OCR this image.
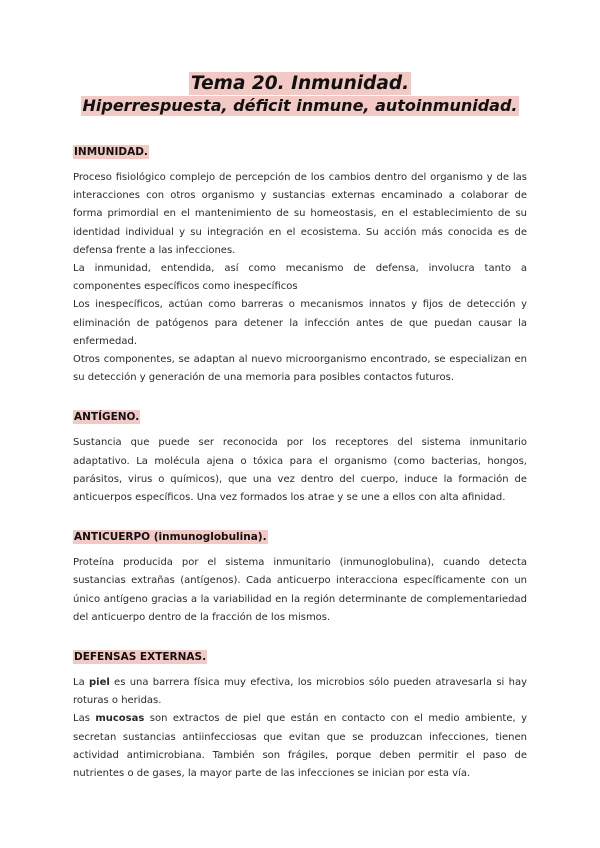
Tema 20. Inmunidad.
Hiperrespuesta, déficit inmune, autoinmunidad.
INMUNIDAD.

Proceso fisiológico complejo de percepción de los cambios dentro del organismo y de las interacciones con otros organismo y sustancias externas encaminado a colaborar de forma primordial en el mantenimiento de su homeostasis, en el establecimiento de su identidad individual y su integración en el ecosistema. Su acción más conocida es de defensa frente a las infecciones.

La inmunidad, entendida, así como mecanismo de defensa, involucra tanto a componentes específicos como inespecíficos

Los inespecíficos, actúan como barreras o mecanismos innatos y fijos de detección y eliminación de patógenos para detener la infección antes de que puedan causar la enfermedad.

Otros componentes, se adaptan al nuevo microorganismo encontrado, se especializan en su detección y generación de una memoria para posibles contactos futuros.

ANTÍGENO.

Sustancia que puede ser reconocida por los receptores del sistema inmunitario adaptativo. La molécula ajena o tóxica para el organismo (como bacterias, hongos, parásitos, virus o químicos), que una vez dentro del cuerpo, induce la formación de anticuerpos específicos. Una vez formados los atrae y se une a ellos con alta afinidad.

ANTICUERPO (inmunoglobulina).

Proteína producida por el sistema inmunitario (inmunoglobulina), cuando detecta sustancias extrañas (antígenos). Cada anticuerpo interacciona específicamente con un único antígeno gracias a la variabilidad en la región determinante de complementariedad del anticuerpo dentro de la fracción de los mismos.

DEFENSAS EXTERNAS.

La piel es una barrera física muy efectiva, los microbios sólo pueden atravesarla si hay roturas o heridas.

Las mucosas son extractos de piel que están en contacto con el medio ambiente, y secretan sustancias antiinfecciosas que evitan que se produzcan infecciones, tienen actividad antimicrobiana. También son frágiles, porque deben permitir el paso de nutrientes o de gases, la mayor parte de las infecciones se inician por esta vía.
